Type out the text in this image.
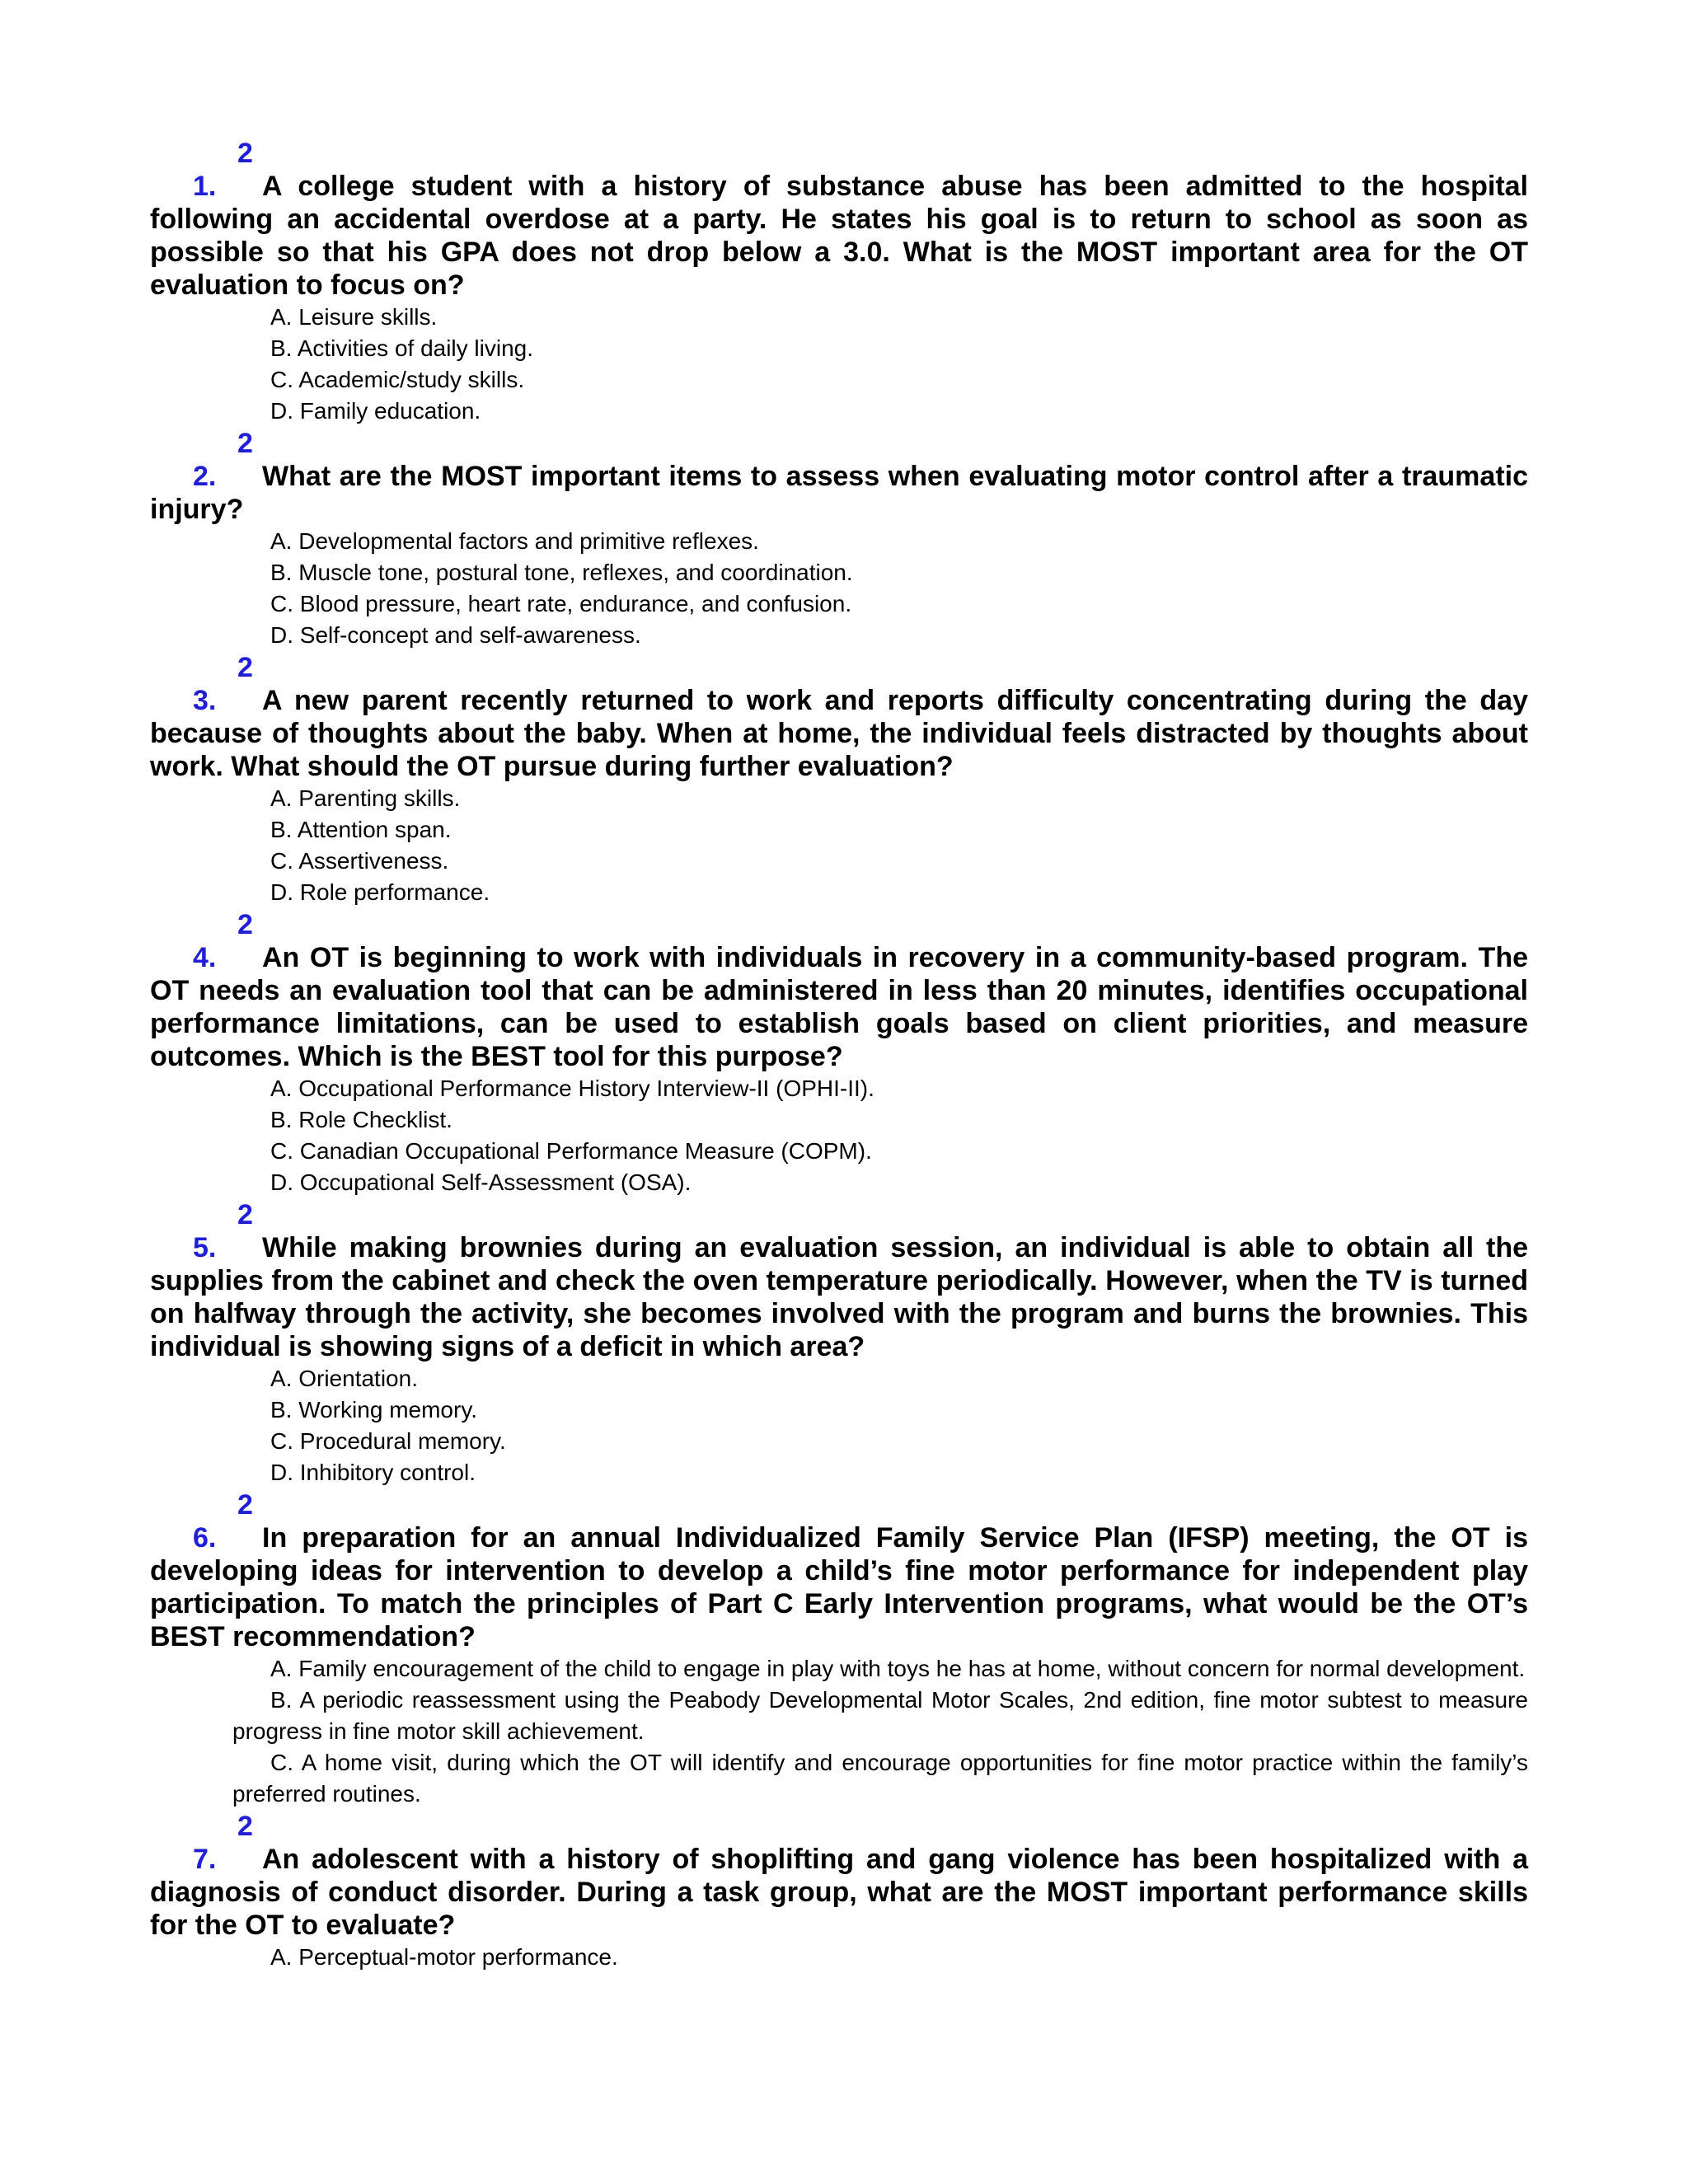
2

1. A college student with a history of substance abuse has been admitted to the hospital following an accidental overdose at a party. He states his goal is to return to school as soon as possible so that his GPA does not drop below a 3.0. What is the MOST important area for the OT evaluation to focus on?

A. Leisure skills.
B. Activities of daily living.
C. Academic/study skills.
D. Family education.
2

2. What are the MOST important items to assess when evaluating motor control after a traumatic injury?

A. Developmental factors and primitive reflexes.
B. Muscle tone, postural tone, reflexes, and coordination.
C. Blood pressure, heart rate, endurance, and confusion.
D. Self-concept and self-awareness.
2

3. A new parent recently returned to work and reports difficulty concentrating during the day because of thoughts about the baby. When at home, the individual feels distracted by thoughts about work. What should the OT pursue during further evaluation?

A. Parenting skills.
B. Attention span.
C. Assertiveness.
D. Role performance.
2

4. An OT is beginning to work with individuals in recovery in a community-based program. The OT needs an evaluation tool that can be administered in less than 20 minutes, identifies occupational performance limitations, can be used to establish goals based on client priorities, and measure outcomes. Which is the BEST tool for this purpose?

A. Occupational Performance History Interview-II (OPHI-II).
B. Role Checklist.
C. Canadian Occupational Performance Measure (COPM).
D. Occupational Self-Assessment (OSA).
2

5. While making brownies during an evaluation session, an individual is able to obtain all the supplies from the cabinet and check the oven temperature periodically. However, when the TV is turned on halfway through the activity, she becomes involved with the program and burns the brownies. This individual is showing signs of a deficit in which area?

A. Orientation.
B. Working memory.
C. Procedural memory.
D. Inhibitory control.
2

6. In preparation for an annual Individualized Family Service Plan (IFSP) meeting, the OT is developing ideas for intervention to develop a child’s fine motor performance for independent play participation. To match the principles of Part C Early Intervention programs, what would be the OT’s BEST recommendation?

A. Family encouragement of the child to engage in play with toys he has at home, without concern for normal development.
B. A periodic reassessment using the Peabody Developmental Motor Scales, 2nd edition, fine motor subtest to measure progress in fine motor skill achievement.
C. A home visit, during which the OT will identify and encourage opportunities for fine motor practice within the family’s preferred routines.
2

7. An adolescent with a history of shoplifting and gang violence has been hospitalized with a diagnosis of conduct disorder. During a task group, what are the MOST important performance skills for the OT to evaluate?

A. Perceptual-motor performance.
